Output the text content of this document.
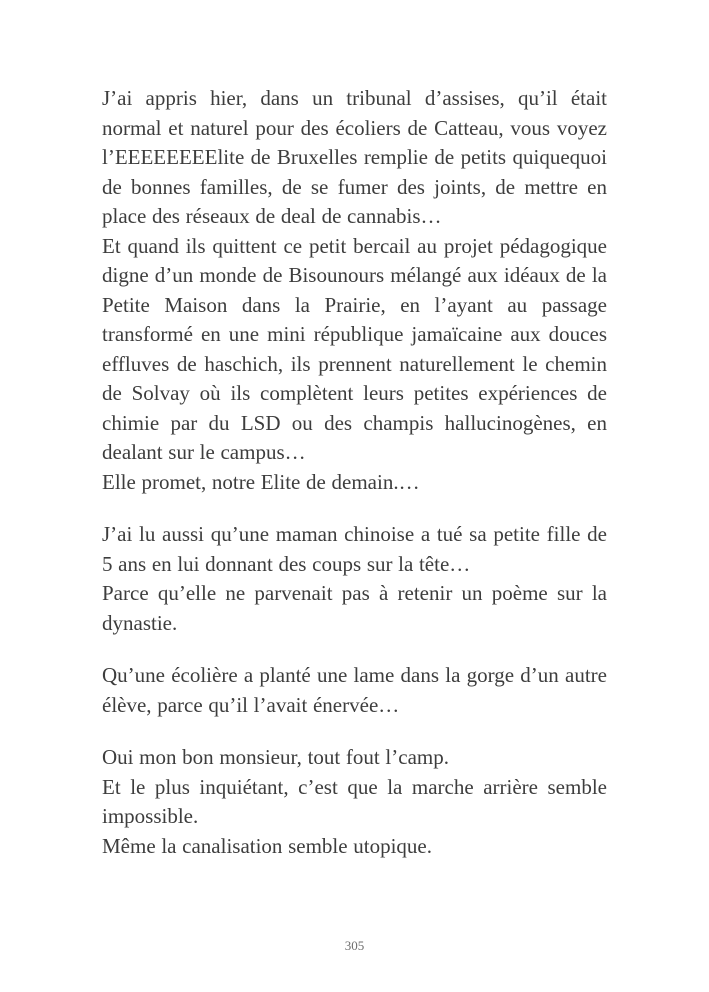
J’ai appris hier, dans un tribunal d’assises, qu’il était normal et naturel pour des écoliers de Catteau, vous voyez l’EEEEEEEElite de Bruxelles remplie de petits quiquequoi de bonnes familles, de se fumer des joints, de mettre en place des réseaux de deal de cannabis…

Et quand ils quittent ce petit bercail au projet pédagogique digne d’un monde de Bisounours mélangé aux idéaux de la Petite Maison dans la Prairie, en l’ayant au passage transformé en une mini république jamaïcaine aux douces effluves de haschich, ils prennent naturellement le chemin de Solvay où ils complètent leurs petites expériences de chimie par du LSD ou des champis hallucinogènes, en dealant sur le campus…

Elle promet, notre Elite de demain.…

J’ai lu aussi qu’une maman chinoise a tué sa petite fille de 5 ans en lui donnant des coups sur la tête…

Parce qu’elle ne parvenait pas à retenir un poème sur la dynastie.

Qu’une écolière a planté une lame dans la gorge d’un autre élève, parce qu’il l’avait énervée…

Oui mon bon monsieur, tout fout l’camp.

Et le plus inquiétant, c’est que la marche arrière semble impossible.

Même la canalisation semble utopique.

305
